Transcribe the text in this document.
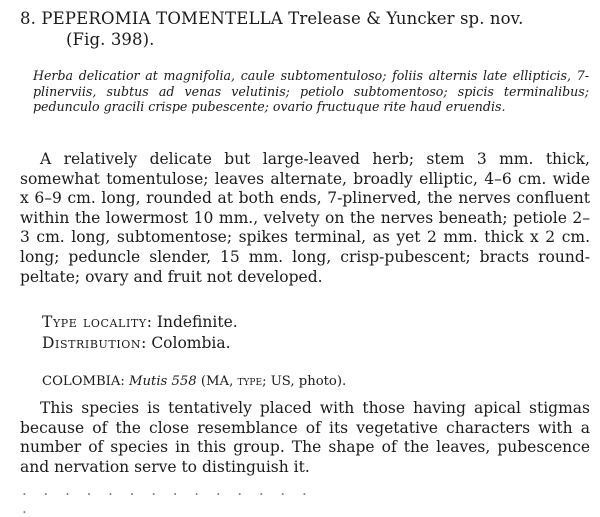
8. PEPEROMIA TOMENTELLA Trelease & Yuncker sp. nov.
(Fig. 398).
Herba delicatior at magnifolia, caule subtomentuloso; foliis alternis late ellipticis, 7-plinerviis, subtus ad venas velutinis; petiolo subtomentoso; spicis terminalibus; pedunculo gracili crispe pubescente; ovario fructuque rite haud eruendis.
A relatively delicate but large-leaved herb; stem 3 mm. thick, somewhat tomentulose; leaves alternate, broadly elliptic, 4–6 cm. wide x 6–9 cm. long, rounded at both ends, 7-plinerved, the nerves confluent within the lowermost 10 mm., velvety on the nerves beneath; petiole 2–3 cm. long, subtomentose; spikes terminal, as yet 2 mm. thick x 2 cm. long; peduncle slender, 15 mm. long, crisp-pubescent; bracts round-peltate; ovary and fruit not developed.
Type locality: Indefinite.
Distribution: Colombia.
COLOMBIA: Mutis 558 (MA, type; US, photo).
This species is tentatively placed with those having apical stigmas because of the close resemblance of its vegetative characters with a number of species in this group. The shape of the leaves, pubescence and nervation serve to distinguish it.
. . . . . . . . . . . . . . .
